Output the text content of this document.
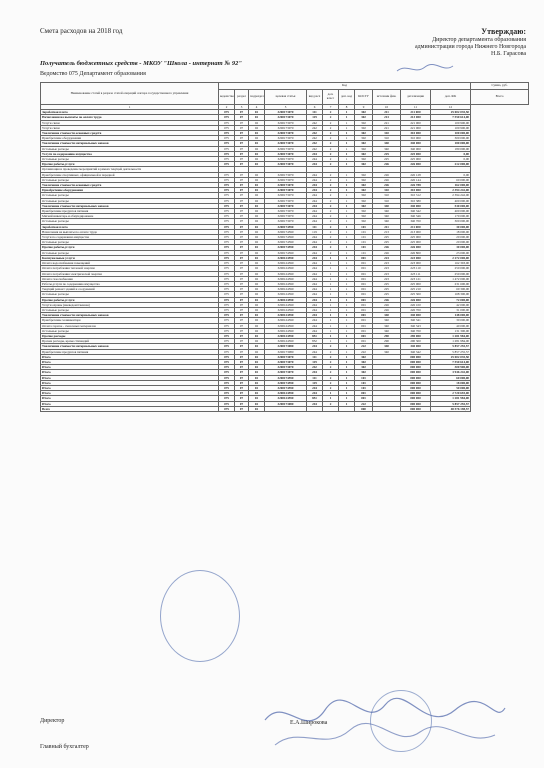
Смета расходов на 2018 год	Утверждаю:
Директор департамента образования
администрации города Нижнего Новгорода
Н.Б. Гарасова
Получатель бюджетных средств - МКОУ "Школа - интернат № 92"
Ведомство 075 Департамент образования
Наименование статей в разрезе статей операций сектора государственного управления	Код											Сумма, руб.
	ведомство	раздел	подраздел	целевая статья	вид расх	доп. класс	доп. код	КОСГУ	источник фин.	детализация	доп. ФК	Всего
1	2	3	4	5	6	7	8	9	10	11	12	
Заработная плата	075	07	02	3200173070	111	2	1	302	211	211 000	25 002 035,50	
Начисления на выплаты по оплате труда	075	07	02	3200173070	119	2	1	302	213	213 000	7 550 614,00	
Услуги связи	075	07	02	3200173070	242	2	1	302	221	221 000	100 900,00	
Услуги связи	075	07	02	3200173070	242	2	1	302	221	221 000	100 900,00	
Увеличение стоимости основных средств	075	07	02	3200173070	242	2	1	302	310	310 000	100 000,00	
Приобретение оборудования	075	07	02	3200173070	242	2	1	302	310	310 000	300 000,00	
Увеличение стоимости материальных запасов	075	07	02	3200173070	242	2	1	302	340	340 000	180 000,00	
Остальные расходы	075	07	02	3200173070	242	2	1	302	340	340 000	180 000,00	
Услуги по содержанию имущества	075	07	02	3200173070	244	2	1	302	225	225 000	0,00	
Остальные расходы	075	07	02	3200173070	244	2	1	302	225	225 000	0,00	
Прочие работы,услуги	075	07	02	3200173070	244	2	1	302	226	226 000	212 000,00	
Организация и проведение мероприятий в рамках текущей деятельности												
Приобретение спортивных, официальной и парадной	075	07	02	3200173070	244	2	1	302	226	226 128	0,00	
Остальные расходы	075	07	02	3200173070	244	2	1	302	226	226 144	60 000,00	
Увеличение стоимости основных средств	075	07	02	3200173070	244	2	1	302	226	226 788	162 000,00	
Приобретение оборудования	075	07	02	3200173070	244	2	1	302	310	310 000	2 394 242,00	
Остальные расходы	075	07	02	3200173070	244	2	1	302	310	310 312	2 394 242,00	
Остальные расходы	075	07	02	3200173070	244	2	1	302	310	310 380	400 000,00	
Увеличение стоимости материальных запасов	075	07	02	3200173070	244	2	1	302	340	340 000	530 000,00	
Приобретение продуктов питания	075	07	02	3200173070	244	2	1	302	340	340 342	400 000,00	
Мягкий инвентарь и обмундирование	075	07	02	3200173070	244	2	1	302	340	340 346	170 000,00	
Остальные расходы	075	07	02	3200173070	244	2	1	302	340	340 700	300 000,00	
Заработная плата	075	07	02	3200174590	111	2	1	101	211	211 000	30 000,00	
Начисления на выплаты по оплате труда	075	07	02	3200174590	119	2	1	101	213	213 000	18 000,00	
Услуги по содержанию имущества	075	07	02	3200174590	244	2	1	101	225	225 000	20 000,00	
Остальные расходы	075	07	02	3200174590	244	2	1	101	225	225 000	20 000,00	
Прочие работы,услуги	075	07	02	3200174590	244	2	1	101	226	226 000	30 000,00	
Остальные расходы	075	07	02	3200174590	244	2	1	101	226	226 800	23 000,00	
Коммунальные услуги	075	07	02	3200124590	244	1	1	001	223	223 000	2 272 000,00	
Оплата водоснабжения помещений	075	07	02	3200124590	244	1	1	001	223	223 000	162 393,00	
Оплата потребления тепловой энергии	075	07	02	3200124590	244	1	1	001	223	223 110	250 000,00	
Оплата потребления электрической энергии	075	07	02	3200124590	244	1	1	001	223	223 111	250 000,00	
Оплата газоснабжения	075	07	02	3200124590	244	1	1	001	223	223 121	1 472 000,00	
Работы,услуги по содержанию имущества	075	07	02	3200124590	244	1	1	001	225	225 000	231 600,00	
Текущий ремонт зданий и сооружений	075	07	02	3200124590	244	1	1	001	225	225 210	60 300,00	
Остальные расходы	075	07	02	3200124590	244	1	1	001	225	225 300	168 300,00	
Прочие работы,услуги	075	07	02	3200124590	244	1	1	001	226	226 000	72 000,00	
Услуги охраны (вневедомственная)	075	07	02	3200124590	244	1	1	001	226	226 100	42 000,00	
Остальные расходы	075	07	02	3200124590	244	1	1	001	226	226 700	31 000,00	
Увеличение стоимости материальных запасов	075	07	02	3200124590	244	1	1	001	340	340 000	148 000,00	
Приобретение хозинвентаря	075	07	02	3200124590	244	1	1	001	340	340 341	30 000,00	
Оплата горюче - смазочных материалов	075	07	02	3200124590	244	1	1	001	340	340 343	40 000,00	
Остальные расходы	075	07	02	3200124590	244	1	1	001	340	340 700	131 300,00	
Прочие расходы	075	07	02	3200124590	851	1	1	001	290	290 000	1 281 984,00	
Прочие расходы, кроме стипендий	075	07	02	3200124590	852	1	1	001	290	290 300	1 281 984,00	
Увеличение стоимости материальных запасов	075	07	02	3200173080	244	2	1	222	340	340 000	5 857 255,57	
Приобретение продуктов питания	075	07	02	3200173080	244	2	1	222	340	340 342	5 857 255,57	
Итого	075	07	02	3200173070	111	2	1	302		000 000	25 002 035,50	
Итого	075	07	02	3200173070	119	2	1	302		000 000	7 550 614,00	
Итого	075	07	02	3200173070	242	2	1	302		000 000	300 900,00	
Итого	075	07	02	3200173070	244	2	1	302		000 000	3 946 242,00	
Итого	075	07	02	3200174590	111	2	1	101		000 000	60 000,00	
Итого	075	07	02	3200174590	119	2	1	101		000 000	18 000,00	
Итого	075	07	02	3200174590	244	2	1	101		000 000	50 000,00	
Итого	075	07	02	3200124590	244	1	1	001		000 000	2 720 693,00	
Итого	075	07	02	3200124590	851	1	1	001		000 000	1 281 984,00	
Итого	075	07	02	3200173080	244	2	1	222		000 000	5 857 255,57	
Всего	075	07	02					000		000 000	48 576 198,57	
Директор	Е.А.Широкова
Главный бухгалтер
